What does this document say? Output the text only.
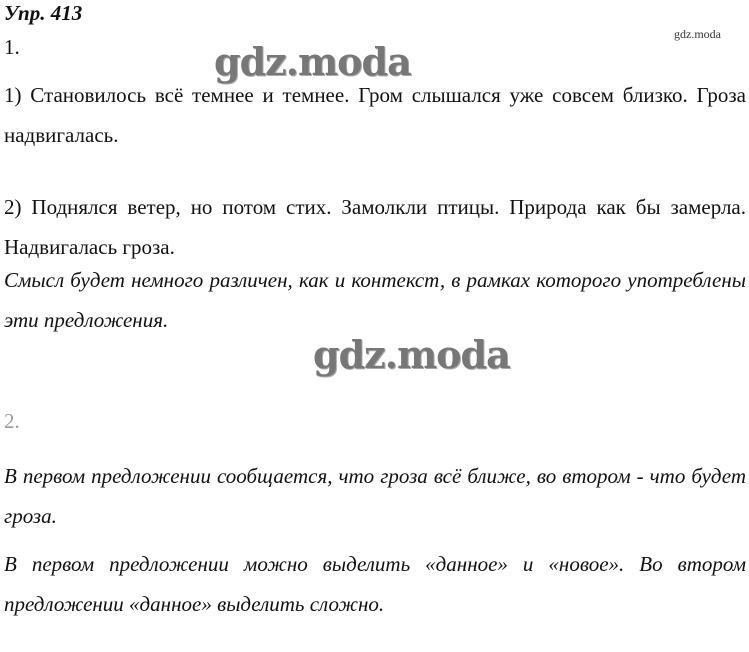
Упр. 413
gdz.moda
gdz.moda
1.
1) Становилось всё темнее и темнее. Гром слышался уже совсем близко. Гроза надвигалась.
2) Поднялся ветер, но потом стих. Замолкли птицы. Природа как бы замерла. Надвигалась гроза.
Смысл будет немного различен, как и контекст, в рамках которого употреблены эти предложения.
gdz.moda
2.
В первом предложении сообщается, что гроза всё ближе, во втором - что будет гроза.
В первом предложении можно выделить «данное» и «новое». Во втором предложении «данное» выделить сложно.
